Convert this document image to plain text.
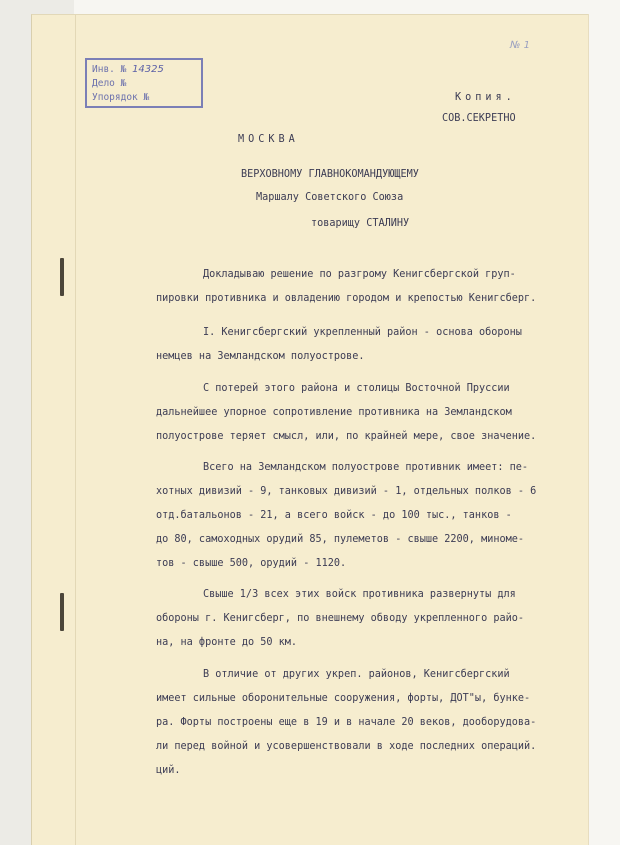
Инв. № 14325
Дело №
Упорядок №
№ 1
Копия.
СОВ.СЕКРЕТНО
МОСКВА
ВЕРХОВНОМУ ГЛАВНОКОМАНДУЮЩЕМУ
Маршалу Советского Союза
товарищу СТАЛИНУ
Докладываю решение по разгрому Кенигсбергской груп-
пировки противника и овладению городом и крепостью Кенигсберг.
I. Кенигсбергский укрепленный район - основа обороны
немцев на Земландском полуострове.
С потерей этого района и столицы Восточной Пруссии
дальнейшее упорное сопротивление противника на Земландском
полуострове теряет смысл, или, по крайней мере, свое значение.
Всего на Земландском полуострове противник имеет: пе-
хотных дивизий - 9, танковых дивизий - 1, отдельных полков - 6
отд.батальонов - 21, а всего войск - до 100 тыс., танков -
до 80, самоходных орудий 85, пулеметов - свыше 2200, миноме-
тов - свыше 500, орудий - 1120.
Свыше 1/3 всех этих войск противника развернуты для
обороны г. Кенигсберг, по внешнему обводу укрепленного райо-
на, на фронте до 50 км.
В отличие от других укреп. районов, Кенигсбергский
имеет сильные оборонительные сооружения, форты, ДОТ"ы, бунке-
ра. Форты построены еще в 19 и в начале 20 веков, дооборудова-
ли перед войной и усовершенствовали в ходе последних операций.
ций.
